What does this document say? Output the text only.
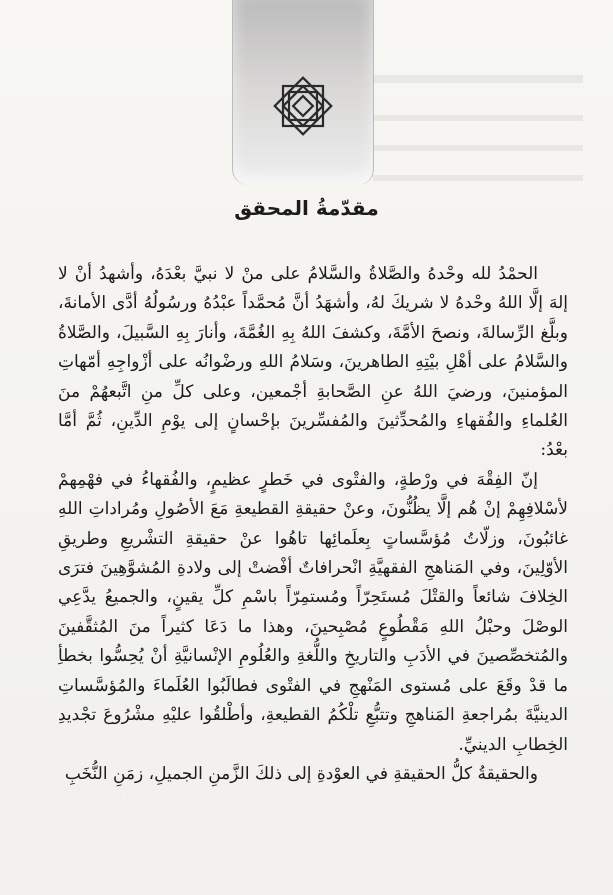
مقدّمةُ المحقق

الحمْدُ لله وحْدهُ والصَّلاةُ والسَّلامُ على منْ لا نبيَّ بعْدَهُ، وأشهدُ أنْ لا إلهَ إلَّا اللهُ وحْدهُ لا شريكَ لهُ، وأشهَدُ أنَّ مُحمَّداً عبْدُهُ ورسُولُهُ أدَّى الأمانةَ، وبلَّغ الرِّسالةَ، ونصحَ الأمَّةَ، وكشفَ اللهُ بِهِ الغُمَّةَ، وأنارَ بِهِ السَّبيلَ، والصَّلاةُ والسَّلامُ على أهْلِ بيْتِهِ الطاهرينَ، وسَلامُ اللهِ ورضْوانُه على أزْواجِهِ أمّهاتِ المؤمنينَ، ورضيَ اللهُ عنِ الصَّحابةِ أجْمعين، وعلى كلِّ منِ اتَّبعهُمْ منَ العُلماءِ والفُقهاءِ والمُحدِّثينَ والمُفسِّرينَ بإحْسانٍ إلى يوْمِ الدِّينِ، ثُمَّ أمَّا بعْدُ:

إنّ الفِقْهَ في ورْطةٍ، والفتْوى في خَطرٍ عظيمٍ، والفُقهاءُ في فهْمِهمْ لأسْلافِهِمْ إنْ هُم إلَّا يظُنُّونَ، وعنْ حقيقةِ القطيعةِ مَعَ الأصُولِ ومُراداتِ اللهِ غائبُونَ، وزلّاتُ مُؤسَّساتٍ بِعلَمائِها تاهُوا عنْ حقيقةِ التشْريعِ وطريقِ الأوّلِينَ، وفي المَناهجِ الفقهيَّةِ انْحرافاتٌ أفْضتْ إلى ولادةِ المُشوَّهِينَ فترَى الخِلافَ شائعاً والقتْلَ مُستَحِرّاً ومُستمِرّاً باسْمِ كلِّ يقينٍ، والجميعُ يدَّعِي الوصْلَ وحبْلُ اللهِ مَقْطُوعٍ مُصْبِحينَ، وهذا ما دَعَا كثيراً منَ المُثقَّفينَ والمُتخصِّصينَ في الأدَبِ والتاريخِ واللُّغةِ والعُلُومِ الإنْسانيَّةِ أنْ يُحِسُّوا بخطأِ ما قدْ وقَعَ على مُستوى المَنْهجِ في الفتْوى فطالَبُوا العُلَماءَ والمُؤسَّساتِ الدينيَّةَ بمُراجعةِ المَناهجِ وتتبُّعِ تلْكُمُ القطيعةِ، وأطْلقُوا عليْهِ مشْرُوعَ تجْديدِ الخِطابِ الدينيِّ.

والحقيقةُ كلُّ الحقيقةِ في العوْدةِ إلى ذلكَ الزَّمنِ الجميلِ، زمَنِ النُّخَبِ
